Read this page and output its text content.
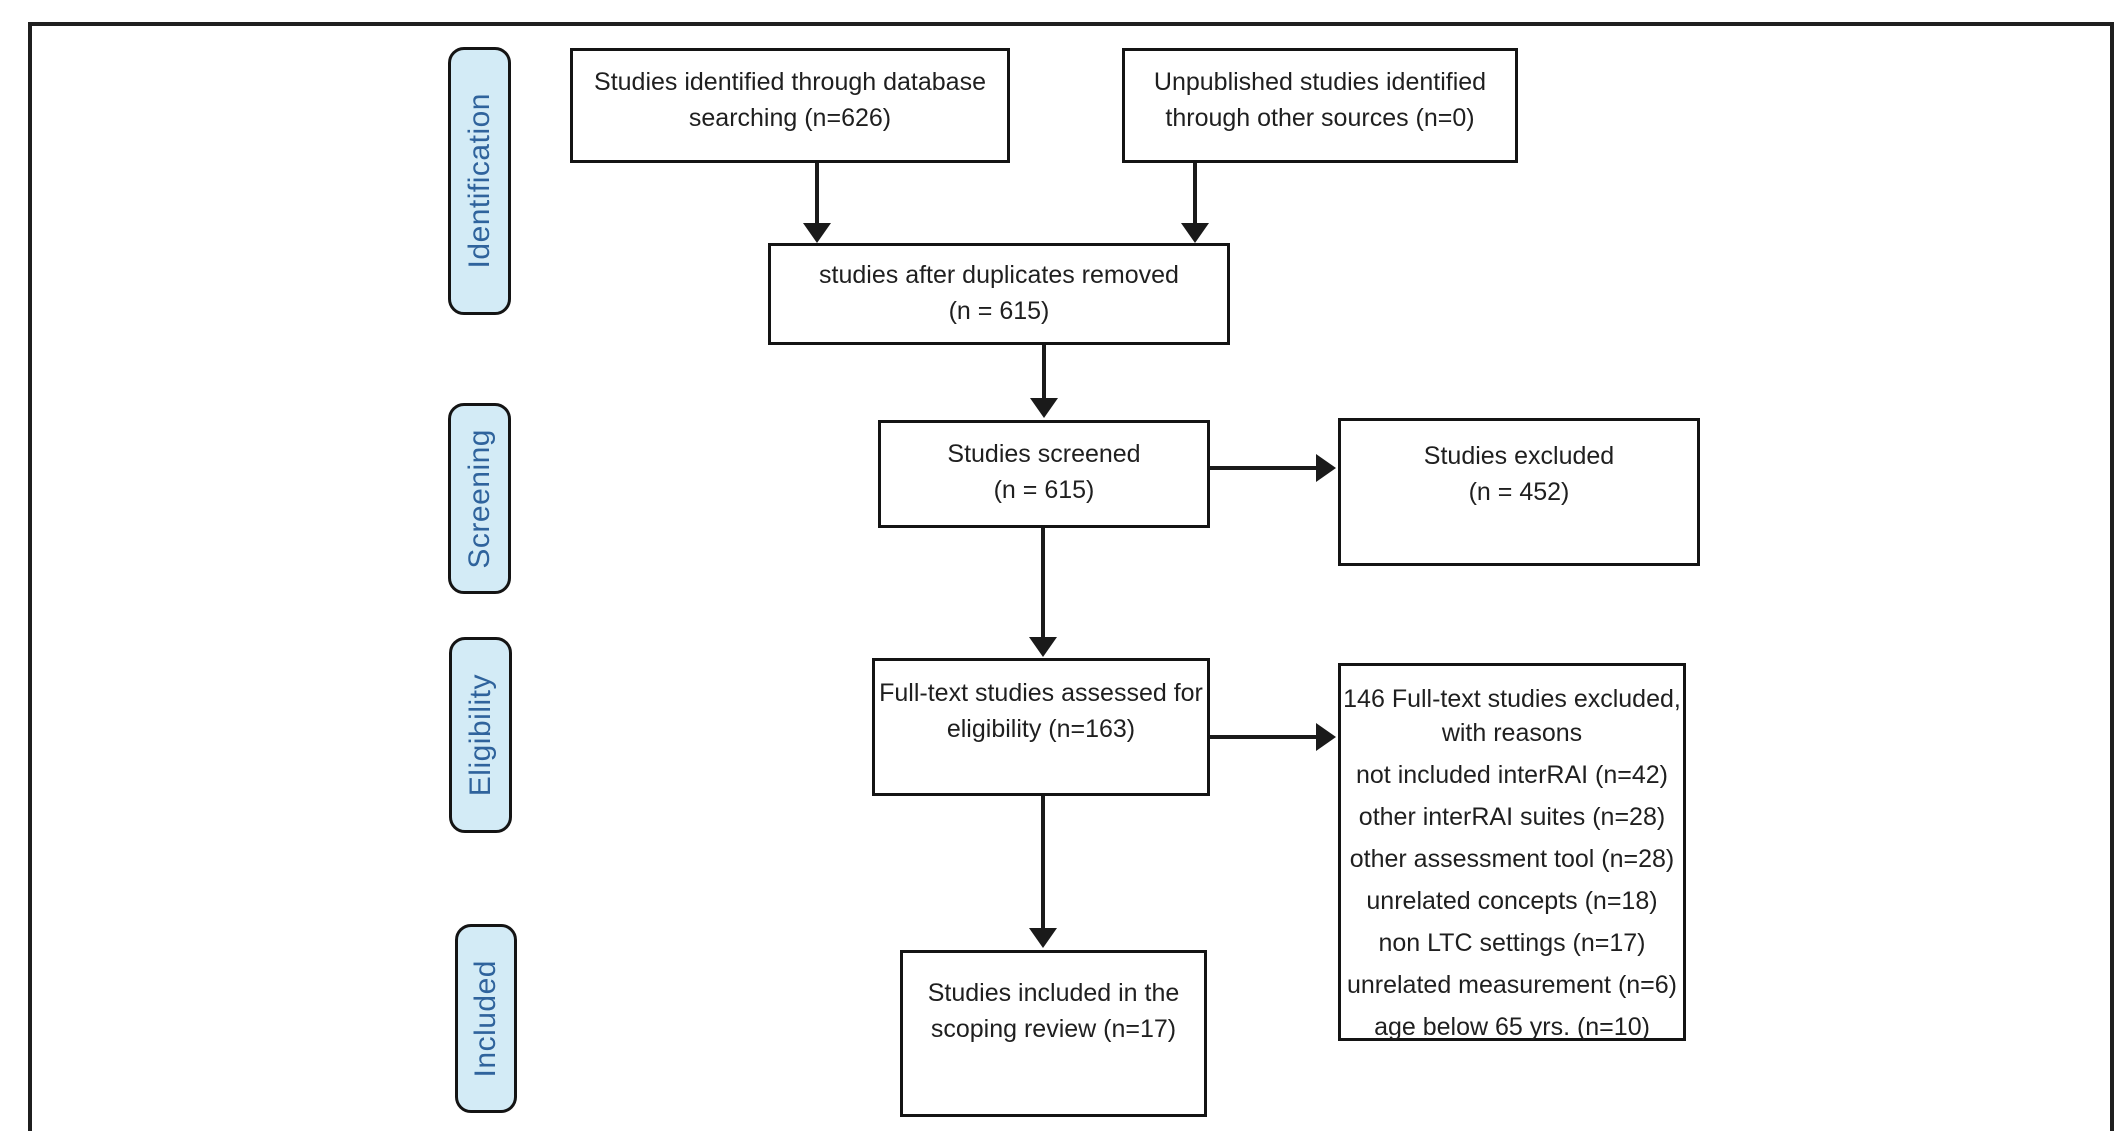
Identification
Screening
Eligibility
Included
Studies identified through database
searching (n=626)
Unpublished studies identified
through other sources (n=0)
studies after duplicates removed
(n = 615)
Studies screened
(n = 615)
Studies excluded
(n = 452)
Full-text studies assessed for
eligibility (n=163)
146 Full-text studies excluded,
with reasons
not included interRAI (n=42)
other interRAI suites (n=28)
other assessment tool (n=28)
unrelated concepts (n=18)
non LTC settings (n=17)
unrelated measurement (n=6)
age below 65 yrs. (n=10)
Studies included in the
scoping review (n=17)
